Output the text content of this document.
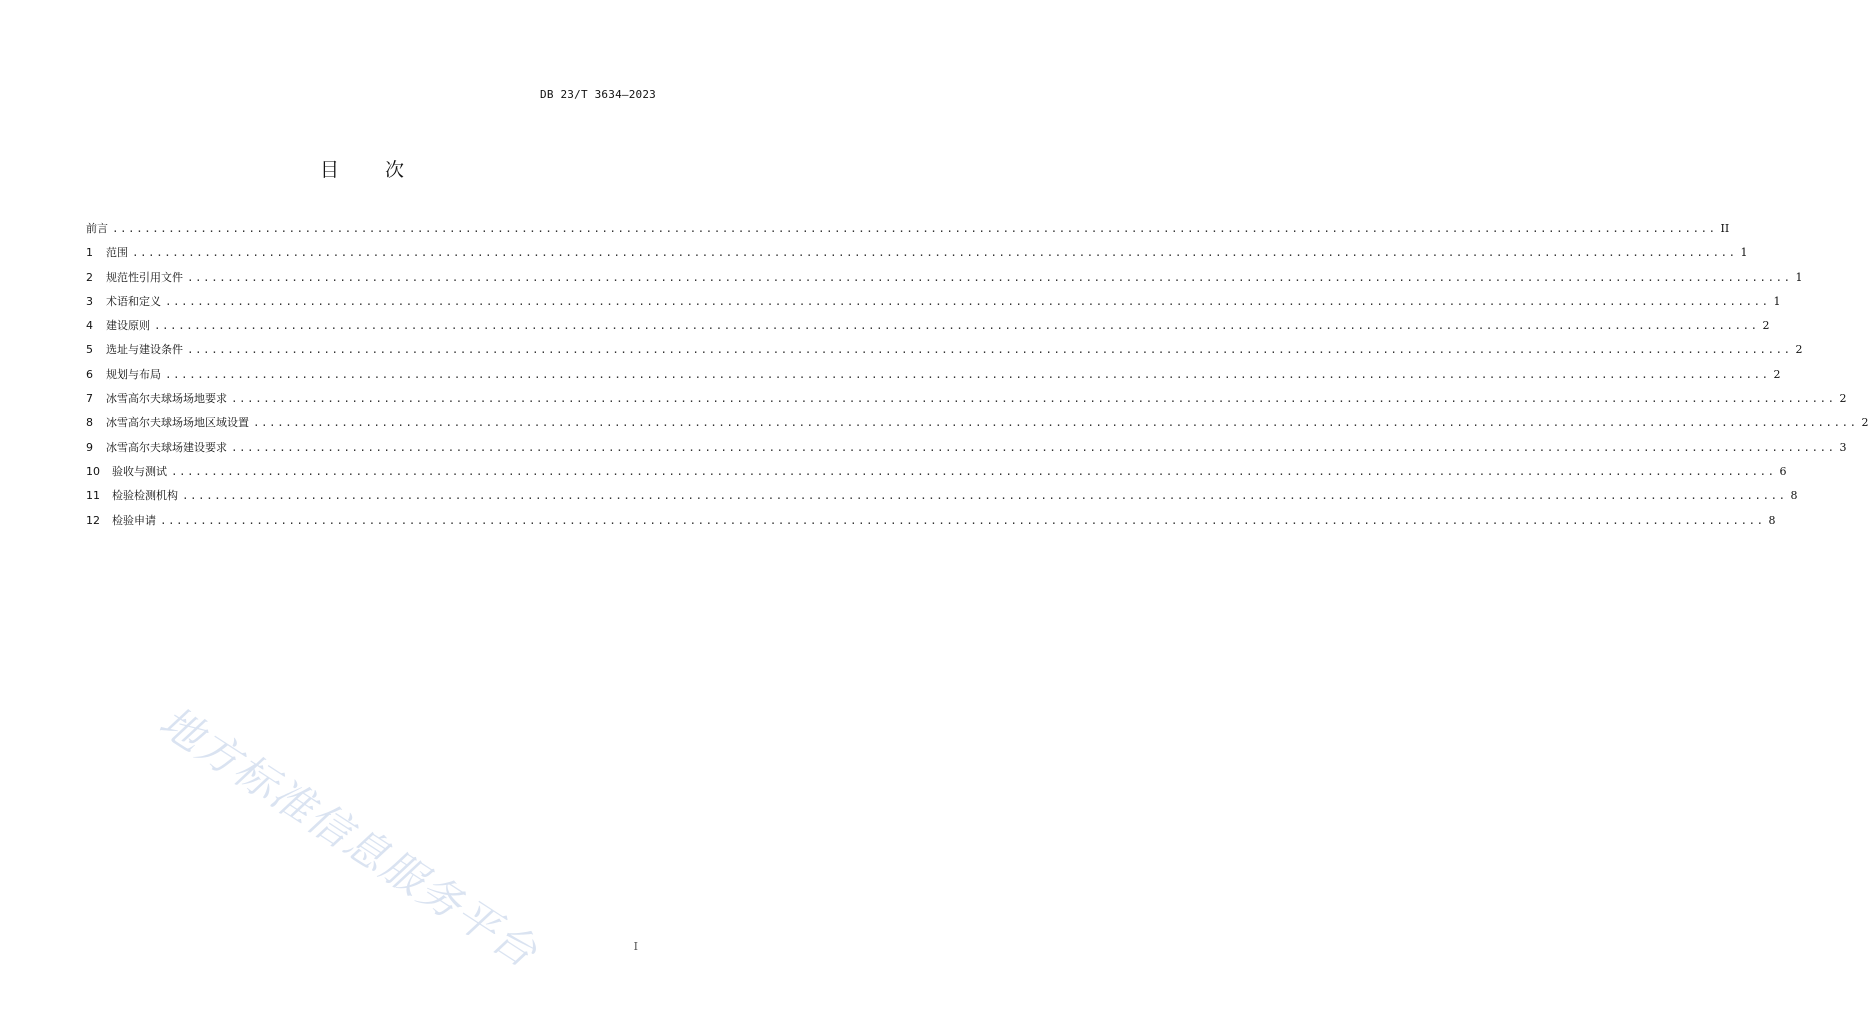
DB 23/T 3634—2023
目 次
前言 ........................................................................................................................................................................................................ II
1	范围 ........................................................................................................................................................................................................ 1
2	规范性引用文件 ........................................................................................................................................................................................................ 1
3	术语和定义 ........................................................................................................................................................................................................ 1
4	建设原则 ........................................................................................................................................................................................................ 2
5	选址与建设条件 ........................................................................................................................................................................................................ 2
6	规划与布局 ........................................................................................................................................................................................................ 2
7	冰雪高尔夫球场场地要求 ........................................................................................................................................................................................................ 2
8	冰雪高尔夫球场场地区域设置 ........................................................................................................................................................................................................ 2
9	冰雪高尔夫球场建设要求 ........................................................................................................................................................................................................ 3
10	验收与测试 ........................................................................................................................................................................................................ 6
11	检验检测机构 ........................................................................................................................................................................................................ 8
12	检验申请 ........................................................................................................................................................................................................ 8
地方标准信息服务平台	I
